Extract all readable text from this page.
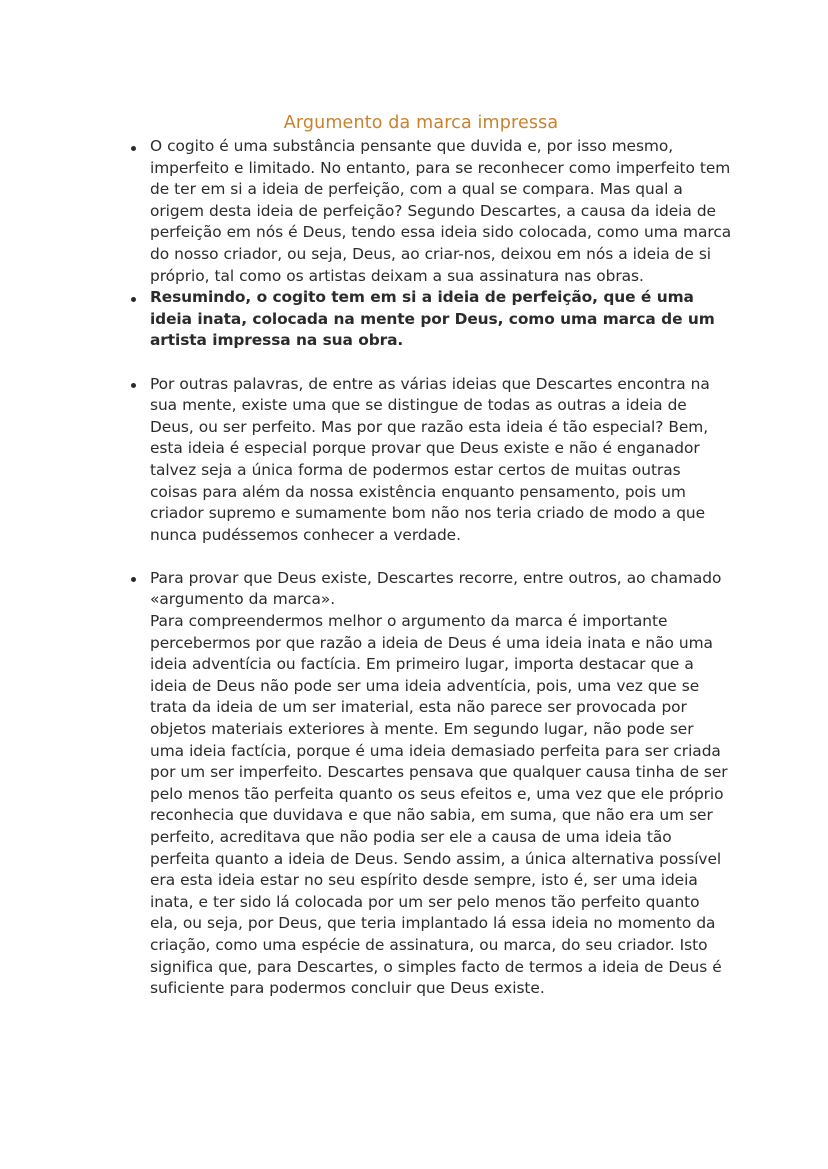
Argumento da marca impressa
O cogito é uma substância pensante que duvida e, por isso mesmo, imperfeito e limitado. No entanto, para se reconhecer como imperfeito tem de ter em si a ideia de perfeição, com a qual se compara. Mas qual a origem desta ideia de perfeição? Segundo Descartes, a causa da ideia de perfeição em nós é Deus, tendo essa ideia sido colocada, como uma marca do nosso criador, ou seja, Deus, ao criar-nos, deixou em nós a ideia de si próprio, tal como os artistas deixam a sua assinatura nas obras.
Resumindo, o cogito tem em si a ideia de perfeição, que é uma ideia inata, colocada na mente por Deus, como uma marca de um artista impressa na sua obra.
Por outras palavras, de entre as várias ideias que Descartes encontra na sua mente, existe uma que se distingue de todas as outras a ideia de Deus, ou ser perfeito. Mas por que razão esta ideia é tão especial? Bem, esta ideia é especial porque provar que Deus existe e não é enganador talvez seja a única forma de podermos estar certos de muitas outras coisas para além da nossa existência enquanto pensamento, pois um criador supremo e sumamente bom não nos teria criado de modo a que nunca pudéssemos conhecer a verdade.
Para provar que Deus existe, Descartes recorre, entre outros, ao chamado «argumento da marca».
Para compreendermos melhor o argumento da marca é importante percebermos por que razão a ideia de Deus é uma ideia inata e não uma ideia adventícia ou factícia. Em primeiro lugar, importa destacar que a ideia de Deus não pode ser uma ideia adventícia, pois, uma vez que se trata da ideia de um ser imaterial, esta não parece ser provocada por objetos materiais exteriores à mente. Em segundo lugar, não pode ser uma ideia factícia, porque é uma ideia demasiado perfeita para ser criada por um ser imperfeito. Descartes pensava que qualquer causa tinha de ser pelo menos tão perfeita quanto os seus efeitos e, uma vez que ele próprio reconhecia que duvidava e que não sabia, em suma, que não era um ser perfeito, acreditava que não podia ser ele a causa de uma ideia tão perfeita quanto a ideia de Deus. Sendo assim, a única alternativa possível era esta ideia estar no seu espírito desde sempre, isto é, ser uma ideia inata, e ter sido lá colocada por um ser pelo menos tão perfeito quanto ela, ou seja, por Deus, que teria implantado lá essa ideia no momento da criação, como uma espécie de assinatura, ou marca, do seu criador. Isto significa que, para Descartes, o simples facto de termos a ideia de Deus é suficiente para podermos concluir que Deus existe.
